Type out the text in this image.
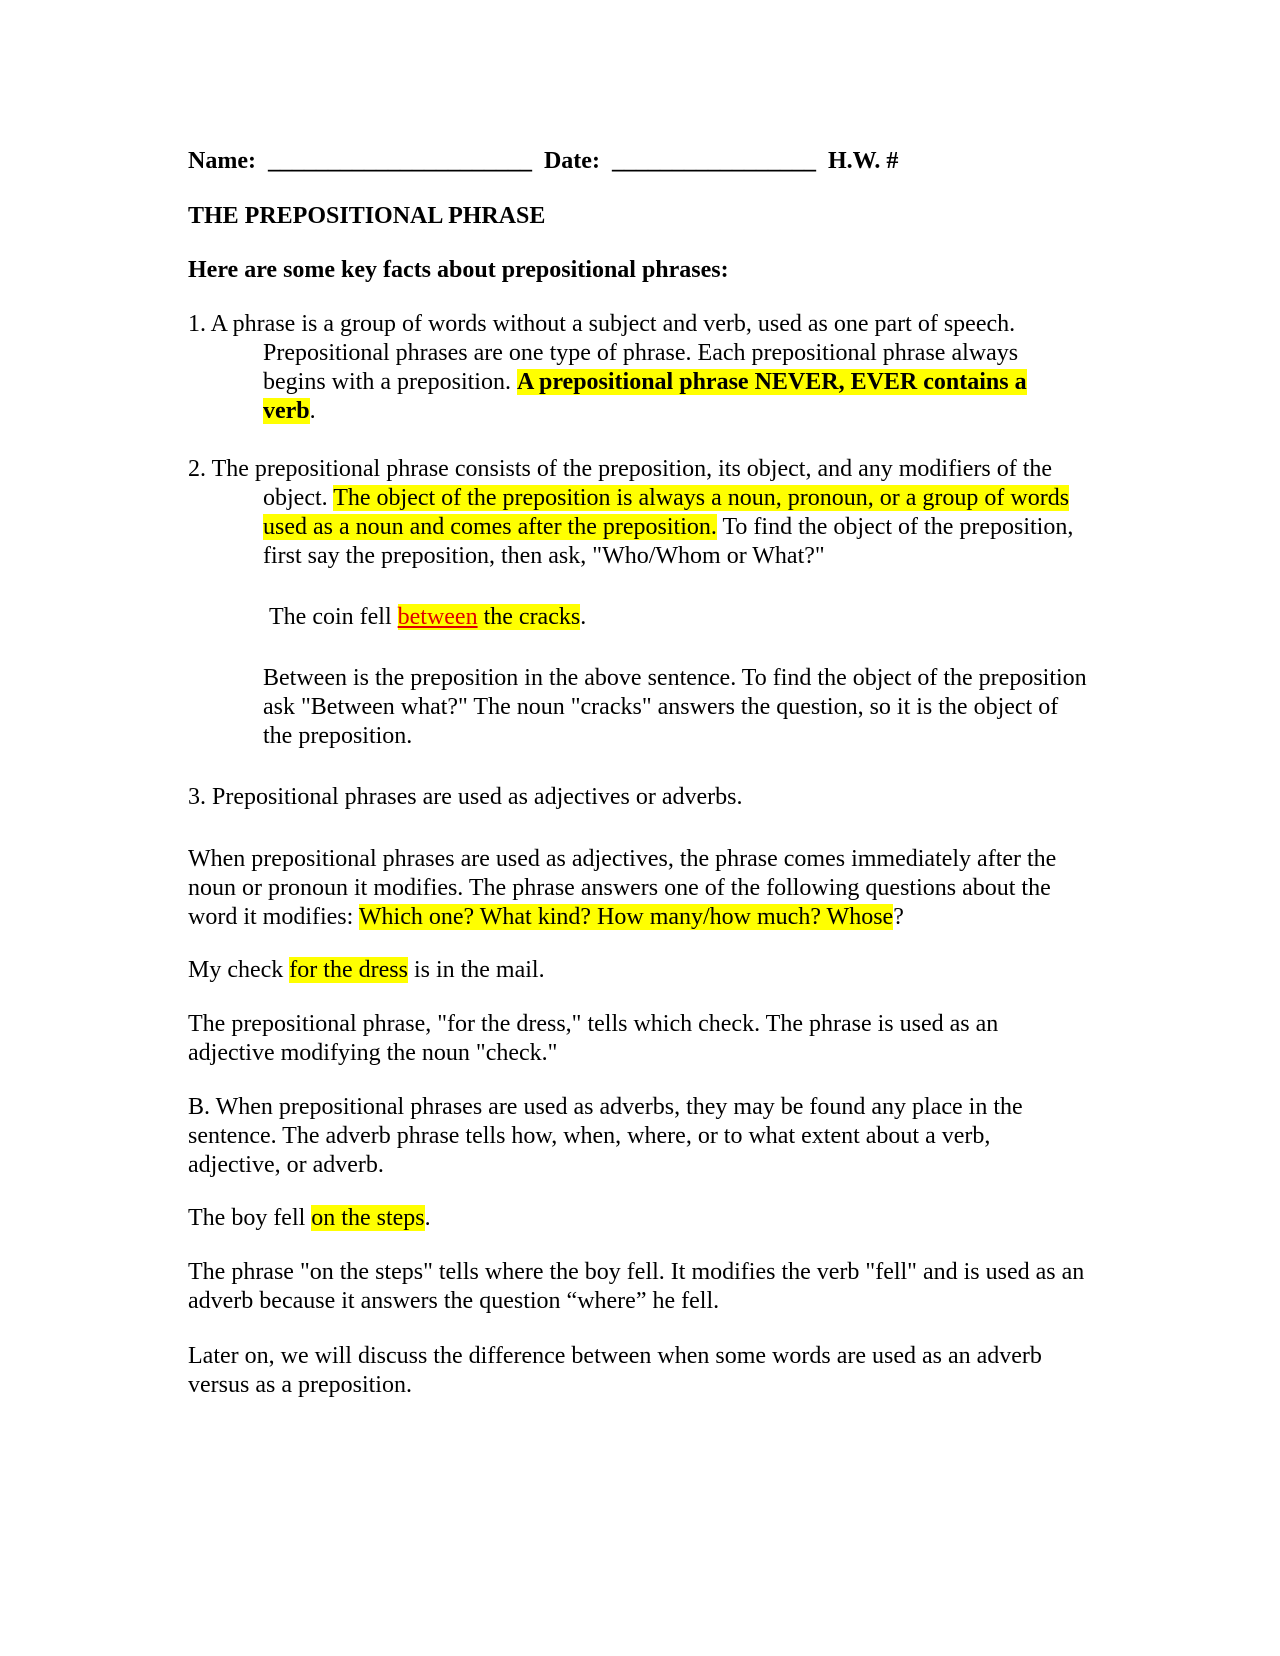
Name: ______________________ Date: _________________ H.W. #
THE PREPOSITIONAL PHRASE
Here are some key facts about prepositional phrases:
1. A phrase is a group of words without a subject and verb, used as one part of speech.
Prepositional phrases are one type of phrase. Each prepositional phrase always
begins with a preposition. A prepositional phrase NEVER, EVER contains a
verb.
2. The prepositional phrase consists of the preposition, its object, and any modifiers of the
object. The object of the preposition is always a noun, pronoun, or a group of words
used as a noun and comes after the preposition. To find the object of the preposition,
first say the preposition, then ask, "Who/Whom or What?"
The coin fell between the cracks.
Between is the preposition in the above sentence. To find the object of the preposition
ask "Between what?" The noun "cracks" answers the question, so it is the object of
the preposition.
3. Prepositional phrases are used as adjectives or adverbs.
When prepositional phrases are used as adjectives, the phrase comes immediately after the
noun or pronoun it modifies. The phrase answers one of the following questions about the
word it modifies: Which one? What kind? How many/how much? Whose?
My check for the dress is in the mail.
The prepositional phrase, "for the dress," tells which check. The phrase is used as an
adjective modifying the noun "check."
B. When prepositional phrases are used as adverbs, they may be found any place in the
sentence. The adverb phrase tells how, when, where, or to what extent about a verb,
adjective, or adverb.
The boy fell on the steps.
The phrase "on the steps" tells where the boy fell. It modifies the verb "fell" and is used as an
adverb because it answers the question “where” he fell.
Later on, we will discuss the difference between when some words are used as an adverb
versus as a preposition.
